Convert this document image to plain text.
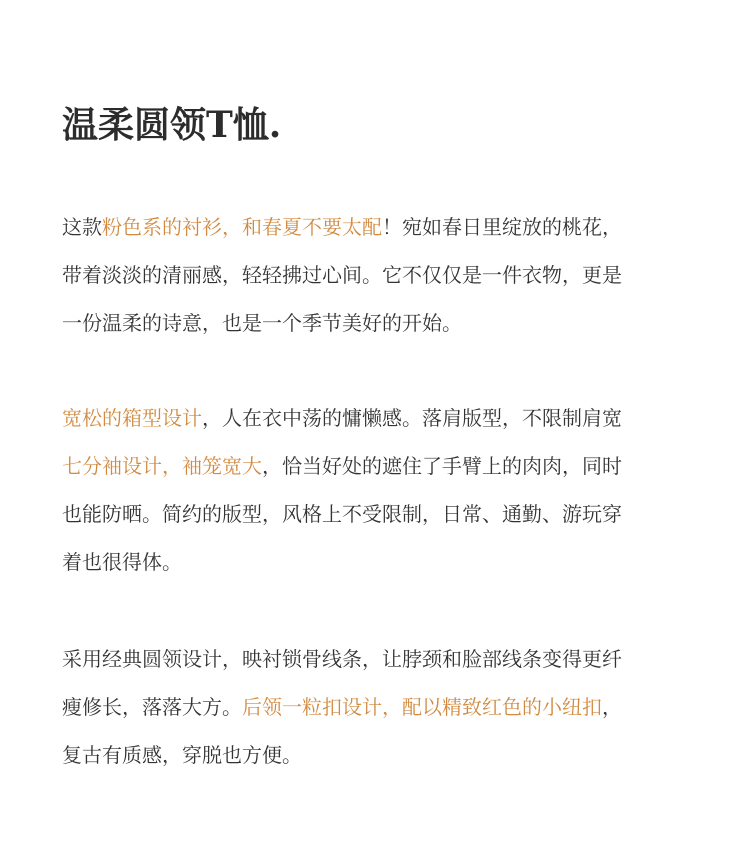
温柔圆领T恤.

这款粉色系的衬衫，和春夏不要太配！宛如春日里绽放的桃花，
带着淡淡的清丽感，轻轻拂过心间。它不仅仅是一件衣物，更是
一份温柔的诗意，也是一个季节美好的开始。

宽松的箱型设计，人在衣中荡的慵懒感。落肩版型，不限制肩宽
七分袖设计，袖笼宽大，恰当好处的遮住了手臂上的肉肉，同时
也能防晒。简约的版型，风格上不受限制，日常、通勤、游玩穿
着也很得体。

采用经典圆领设计，映衬锁骨线条，让脖颈和脸部线条变得更纤
瘦修长，落落大方。后领一粒扣设计，配以精致红色的小纽扣，
复古有质感，穿脱也方便。
